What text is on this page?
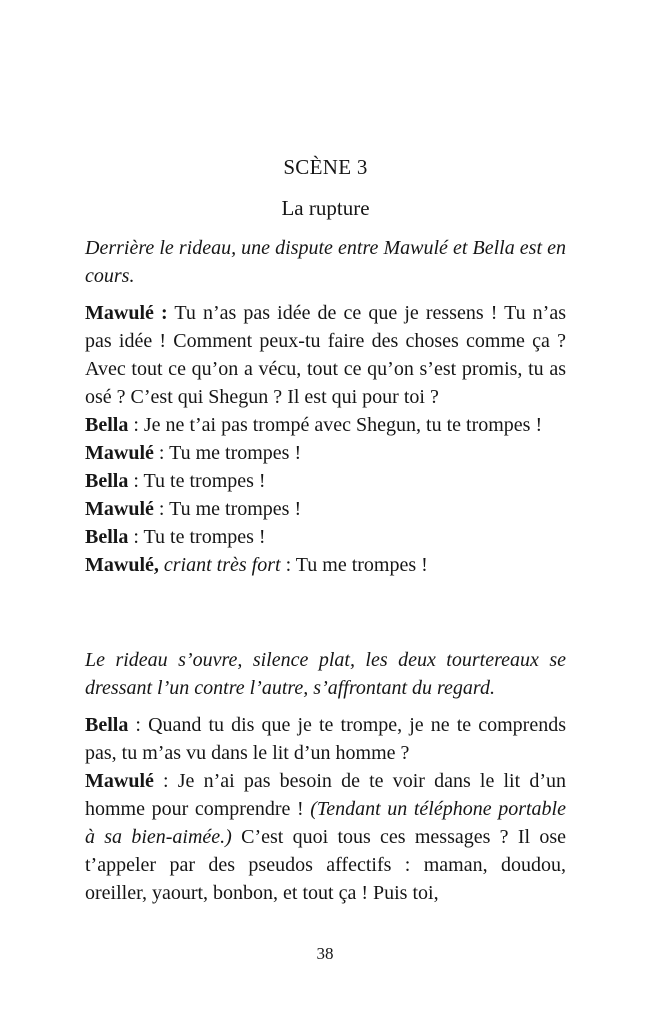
SCÈNE 3
La rupture
Derrière le rideau, une dispute entre Mawulé et Bella est en cours.

Mawulé : Tu n’as pas idée de ce que je ressens ! Tu n’as pas idée ! Comment peux-tu faire des choses comme ça ? Avec tout ce qu’on a vécu, tout ce qu’on s’est promis, tu as osé ? C’est qui Shegun ? Il est qui pour toi ?

Bella : Je ne t’ai pas trompé avec Shegun, tu te trompes !

Mawulé : Tu me trompes !

Bella : Tu te trompes !

Mawulé : Tu me trompes !

Bella : Tu te trompes !

Mawulé, criant très fort : Tu me trompes !

Le rideau s’ouvre, silence plat, les deux tourtereaux se dressant l’un contre l’autre, s’affrontant du regard.

Bella : Quand tu dis que je te trompe, je ne te comprends pas, tu m’as vu dans le lit d’un homme ?

Mawulé : Je n’ai pas besoin de te voir dans le lit d’un homme pour comprendre ! (Tendant un téléphone portable à sa bien-aimée.) C’est quoi tous ces messages ? Il ose t’appeler par des pseudos affectifs : maman, doudou, oreiller, yaourt, bonbon, et tout ça ! Puis toi,

38
